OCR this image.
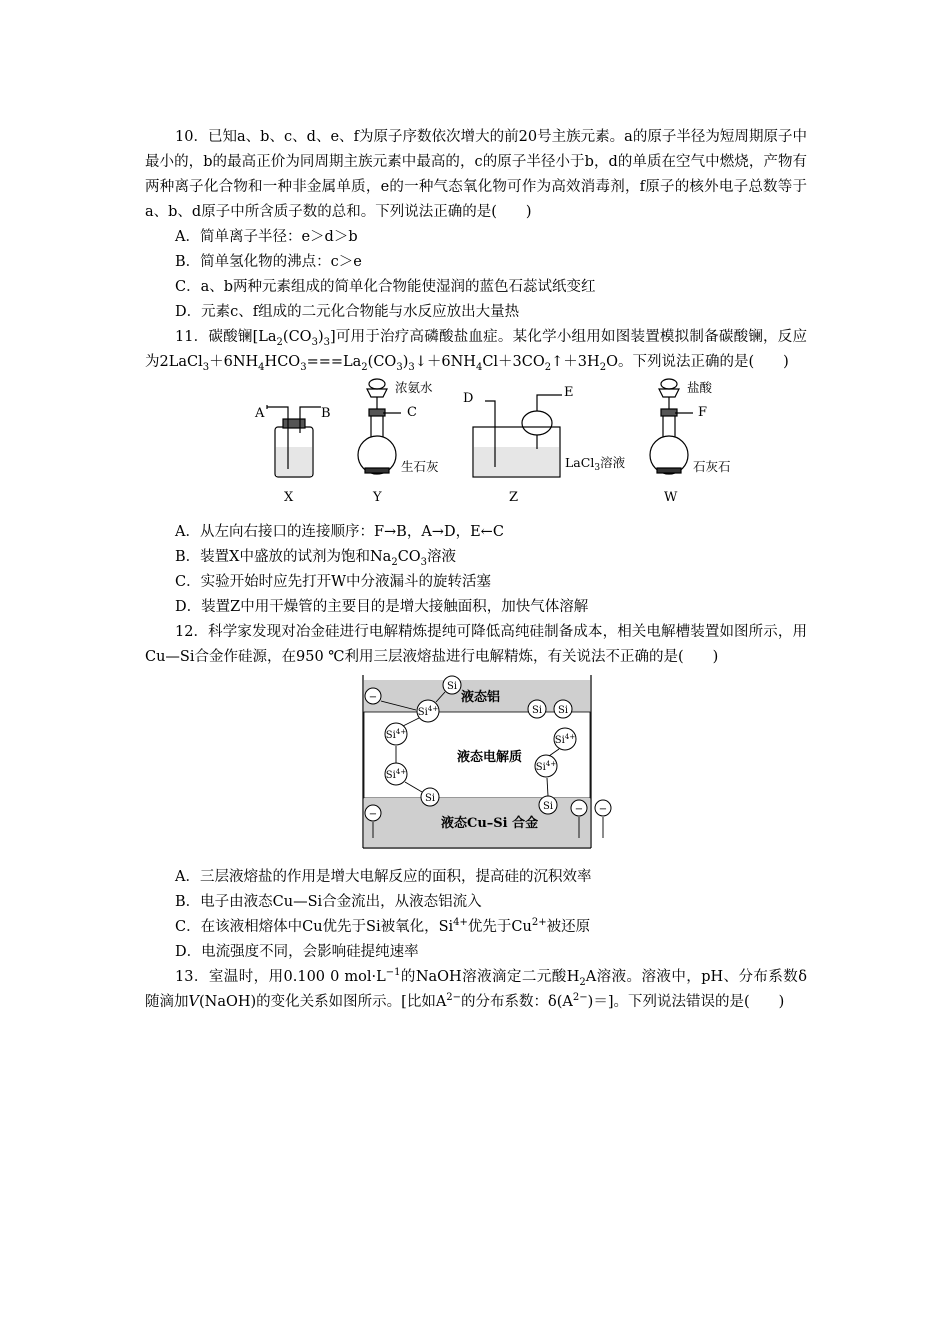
10．已知a、b、c、d、e、f为原子序数依次增大的前20号主族元素。a的原子半径为短周期原子中最小的，b的最高正价为同周期主族元素中最高的，c的原子半径小于b，d的单质在空气中燃烧，产物有两种离子化合物和一种非金属单质，e的一种气态氧化物可作为高效消毒剂，f原子的核外电子总数等于a、b、d原子中所含质子数的总和。下列说法正确的是(　　)

A．简单离子半径：e＞d＞b

B．简单氢化物的沸点：c＞e

C．a、b两种元素组成的简单化合物能使湿润的蓝色石蕊试纸变红

D．元素c、f组成的二元化合物能与水反应放出大量热

11．碳酸镧$[La_2(CO_3)_3]$可用于治疗高磷酸盐血症。某化学小组用如图装置模拟制备碳酸镧，反应为$2LaCl_3+6NH_4HCO_3===La_2(CO_3)_3↓+6NH_4Cl+3CO_2↑+3H_2O$。下列说法正确的是(　　)

A	B
X
浓氨水
C
生石灰
Y
D	E
LaCl$_3$溶液
Z
盐酸
F
石灰石
W

A．从左向右接口的连接顺序：F→B，A→D，E←C

B．装置X中盛放的试剂为饱和$Na_2CO_3$溶液

C．实验开始时应先打开W中分液漏斗的旋转活塞

D．装置Z中用干燥管的主要目的是增大接触面积，加快气体溶解

12．科学家发现对冶金硅进行电解精炼提纯可降低高纯硅制备成本，相关电解槽装置如图所示，用Cu—Si合金作硅源，在950 ℃利用三层液熔盐进行电解精炼，有关说法不正确的是(　　)

液态铝
液态电解质
液态Cu–Si 合金
−
$Si^{4+}$
Si
Si Si
$Si^{4+}$
$Si^{4+}$
$Si^{4+}$
$Si^{4+}$
Si
Si
−	− −

A．三层液熔盐的作用是增大电解反应的面积，提高硅的沉积效率

B．电子由液态Cu—Si合金流出，从液态铝流入

C．在该液相熔体中Cu优先于Si被氧化，$Si^{4+}$优先于$Cu^{2+}$被还原

D．电流强度不同，会影响硅提纯速率

13．室温时，用0.100 0 $mol\cdot L^{-1}$的NaOH溶液滴定二元酸$H_2A$溶液。溶液中，pH、分布系数δ随滴加V(NaOH)的变化关系如图所示。[比如$A^{2-}$的分布系数：$\delta(A^{2-})=$]。下列说法错误的是(　　)
